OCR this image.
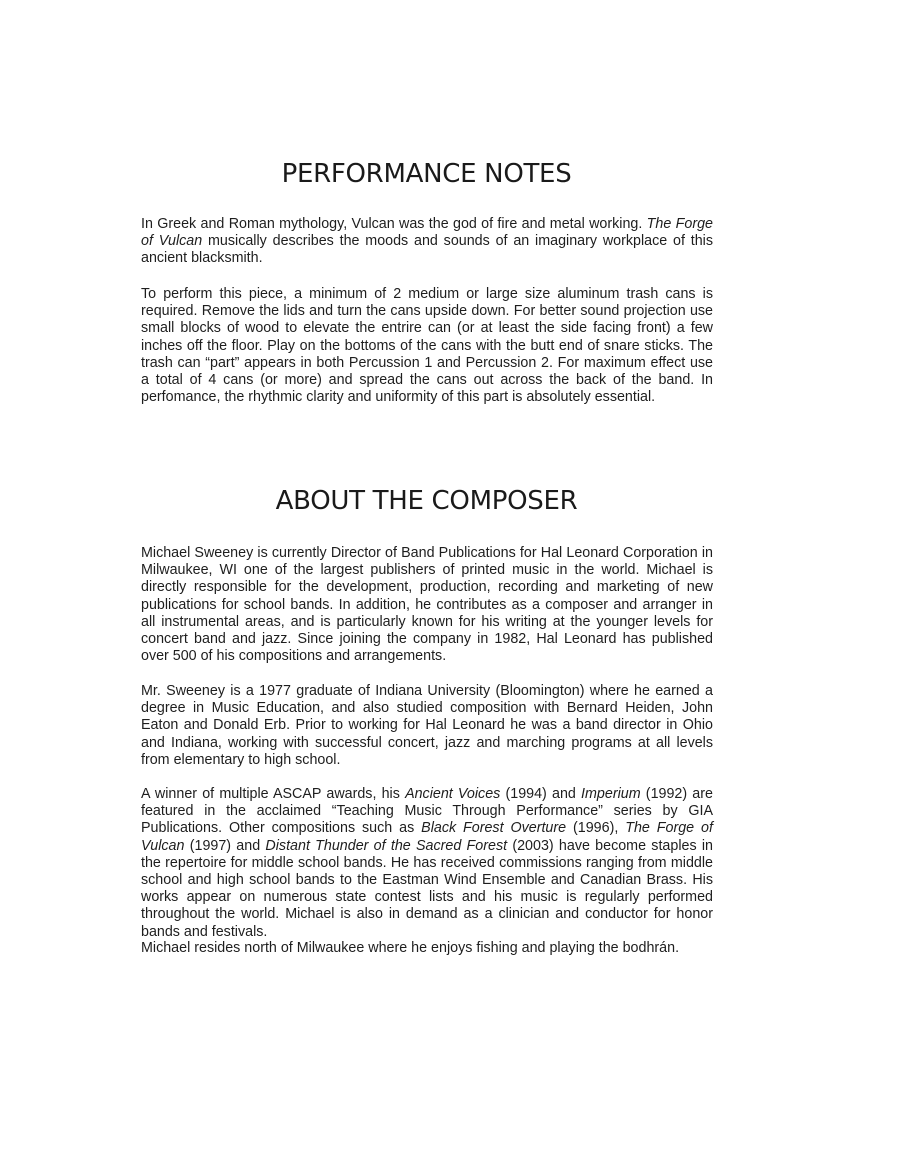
PERFORMANCE NOTES

In Greek and Roman mythology, Vulcan was the god of fire and metal working. The Forge of Vulcan musically describes the moods and sounds of an imaginary workplace of this ancient blacksmith.

To perform this piece, a minimum of 2 medium or large size aluminum trash cans is required. Remove the lids and turn the cans upside down. For better sound projection use small blocks of wood to elevate the entrire can (or at least the side facing front) a few inches off the floor. Play on the bottoms of the cans with the butt end of snare sticks. The trash can “part” appears in both Percussion 1 and Percussion 2. For maximum effect use a total of 4 cans (or more) and spread the cans out across the back of the band. In perfomance, the rhythmic clarity and uniformity of this part is absolutely essential.

ABOUT THE COMPOSER

Michael Sweeney is currently Director of Band Publications for Hal Leonard Corporation in Milwaukee, WI one of the largest publishers of printed music in the world. Michael is directly responsible for the development, production, recording and marketing of new publications for school bands. In addition, he contributes as a composer and arranger in all instrumental areas, and is particularly known for his writing at the younger levels for concert band and jazz. Since joining the company in 1982, Hal Leonard has published over 500 of his compositions and arrangements.

Mr. Sweeney is a 1977 graduate of Indiana University (Bloomington) where he earned a degree in Music Education, and also studied composition with Bernard Heiden, John Eaton and Donald Erb. Prior to working for Hal Leonard he was a band director in Ohio and Indiana, working with successful concert, jazz and marching programs at all levels from elementary to high school.

A winner of multiple ASCAP awards, his Ancient Voices (1994) and Imperium (1992) are featured in the acclaimed “Teaching Music Through Performance” series by GIA Publications. Other compositions such as Black Forest Overture (1996), The Forge of Vulcan (1997) and Distant Thunder of the Sacred Forest (2003) have become staples in the repertoire for middle school bands. He has received commissions ranging from middle school and high school bands to the Eastman Wind Ensemble and Canadian Brass. His works appear on numerous state contest lists and his music is regularly performed throughout the world. Michael is also in demand as a clinician and conductor for honor bands and festivals.

Michael resides north of Milwaukee where he enjoys fishing and playing the bodhrán.
